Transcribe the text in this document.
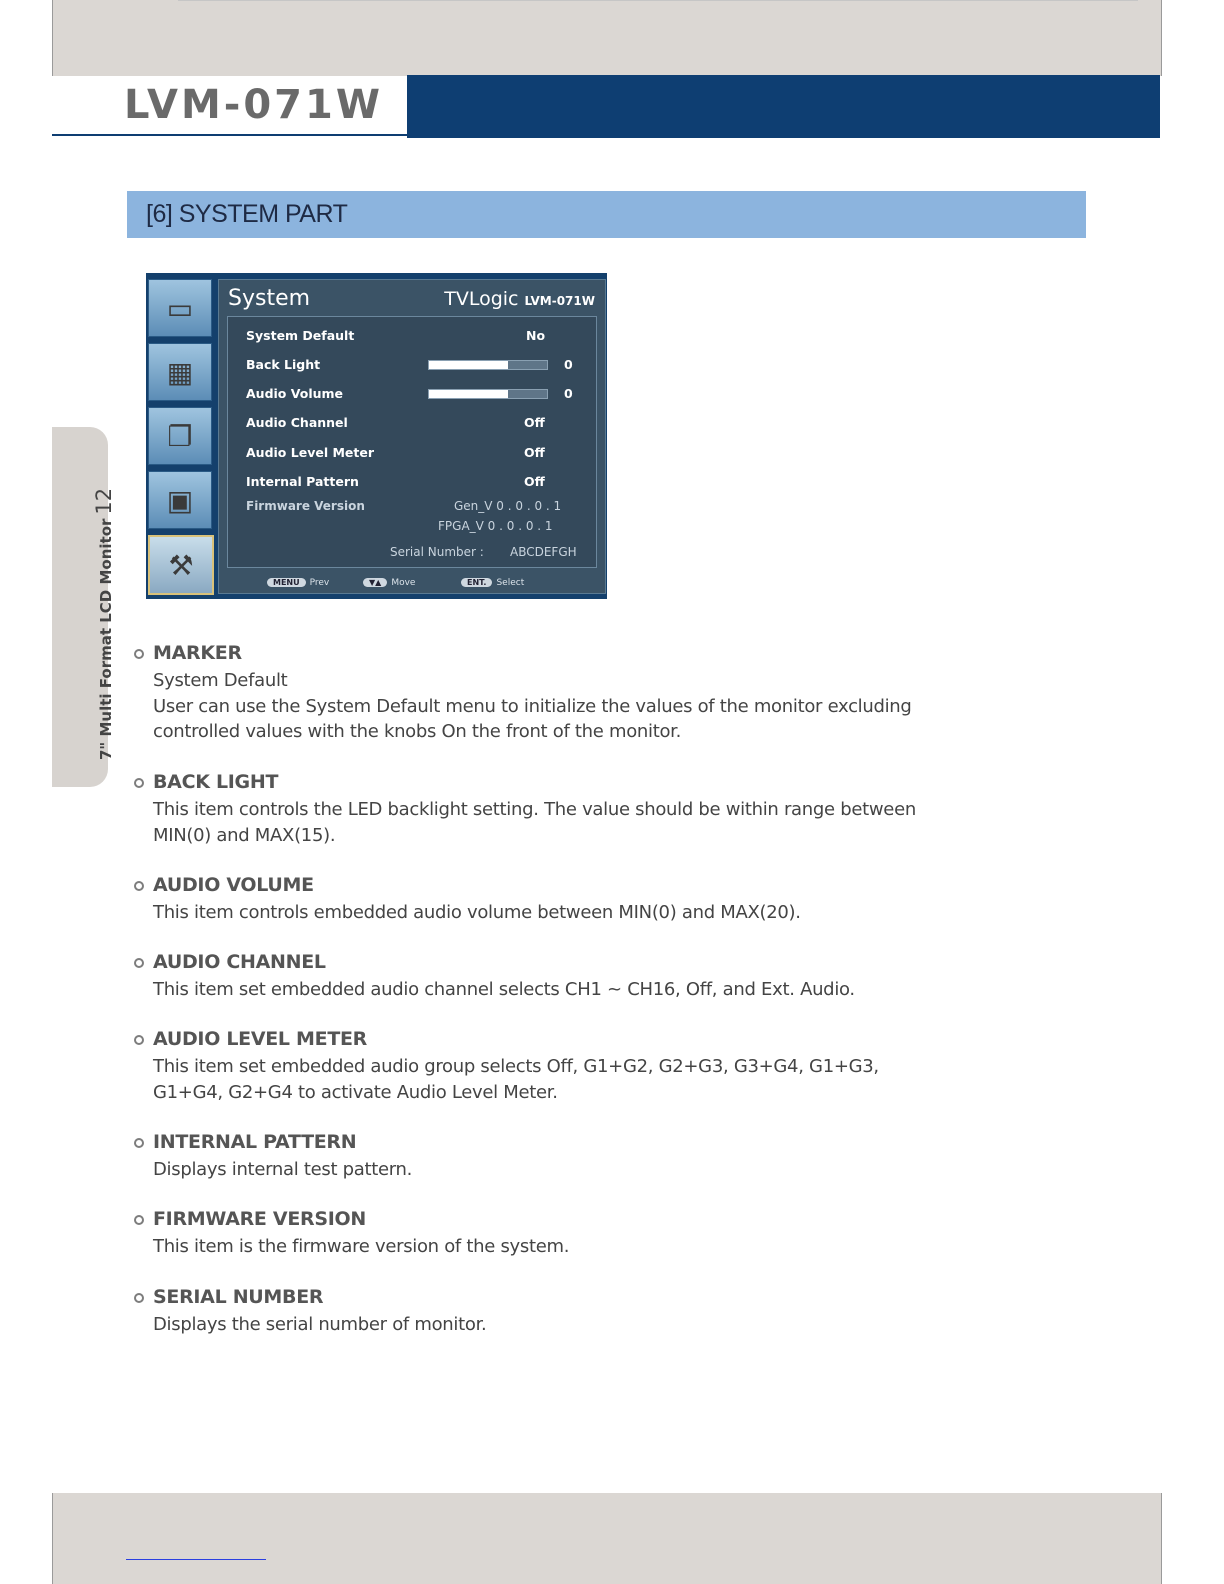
LVM-071W
7" Multi Format LCD Monitor12
[6] SYSTEM PART
▭
▦
❐
▣
⚒
System	TVLogic LVM-071W
System Default	No
Back Light	0
Audio Volume	0
Audio Channel	Off
Audio Level Meter	Off
Internal Pattern	Off
Firmware Version	Gen_V 0 . 0 . 0 . 1
FPGA_V 0 . 0 . 0 . 1
Serial Number : ABCDEFGH
MENU Prev	▼▲ Move	ENT. Select
MARKER
System Default
User can use the System Default menu to initialize the values of the monitor excluding controlled values with the knobs On the front of the monitor.
BACK LIGHT
This item controls the LED backlight setting. The value should be within range between MIN(0) and MAX(15).
AUDIO VOLUME
This item controls embedded audio volume between MIN(0) and MAX(20).
AUDIO CHANNEL
This item set embedded audio channel selects CH1 ~ CH16, Off, and Ext. Audio.
AUDIO LEVEL METER
This item set embedded audio group selects Off, G1+G2, G2+G3, G3+G4, G1+G3, G1+G4, G2+G4 to activate Audio Level Meter.
INTERNAL PATTERN
Displays internal test pattern.
FIRMWARE VERSION
This item is the firmware version of the system.
SERIAL NUMBER
Displays the serial number of monitor.
